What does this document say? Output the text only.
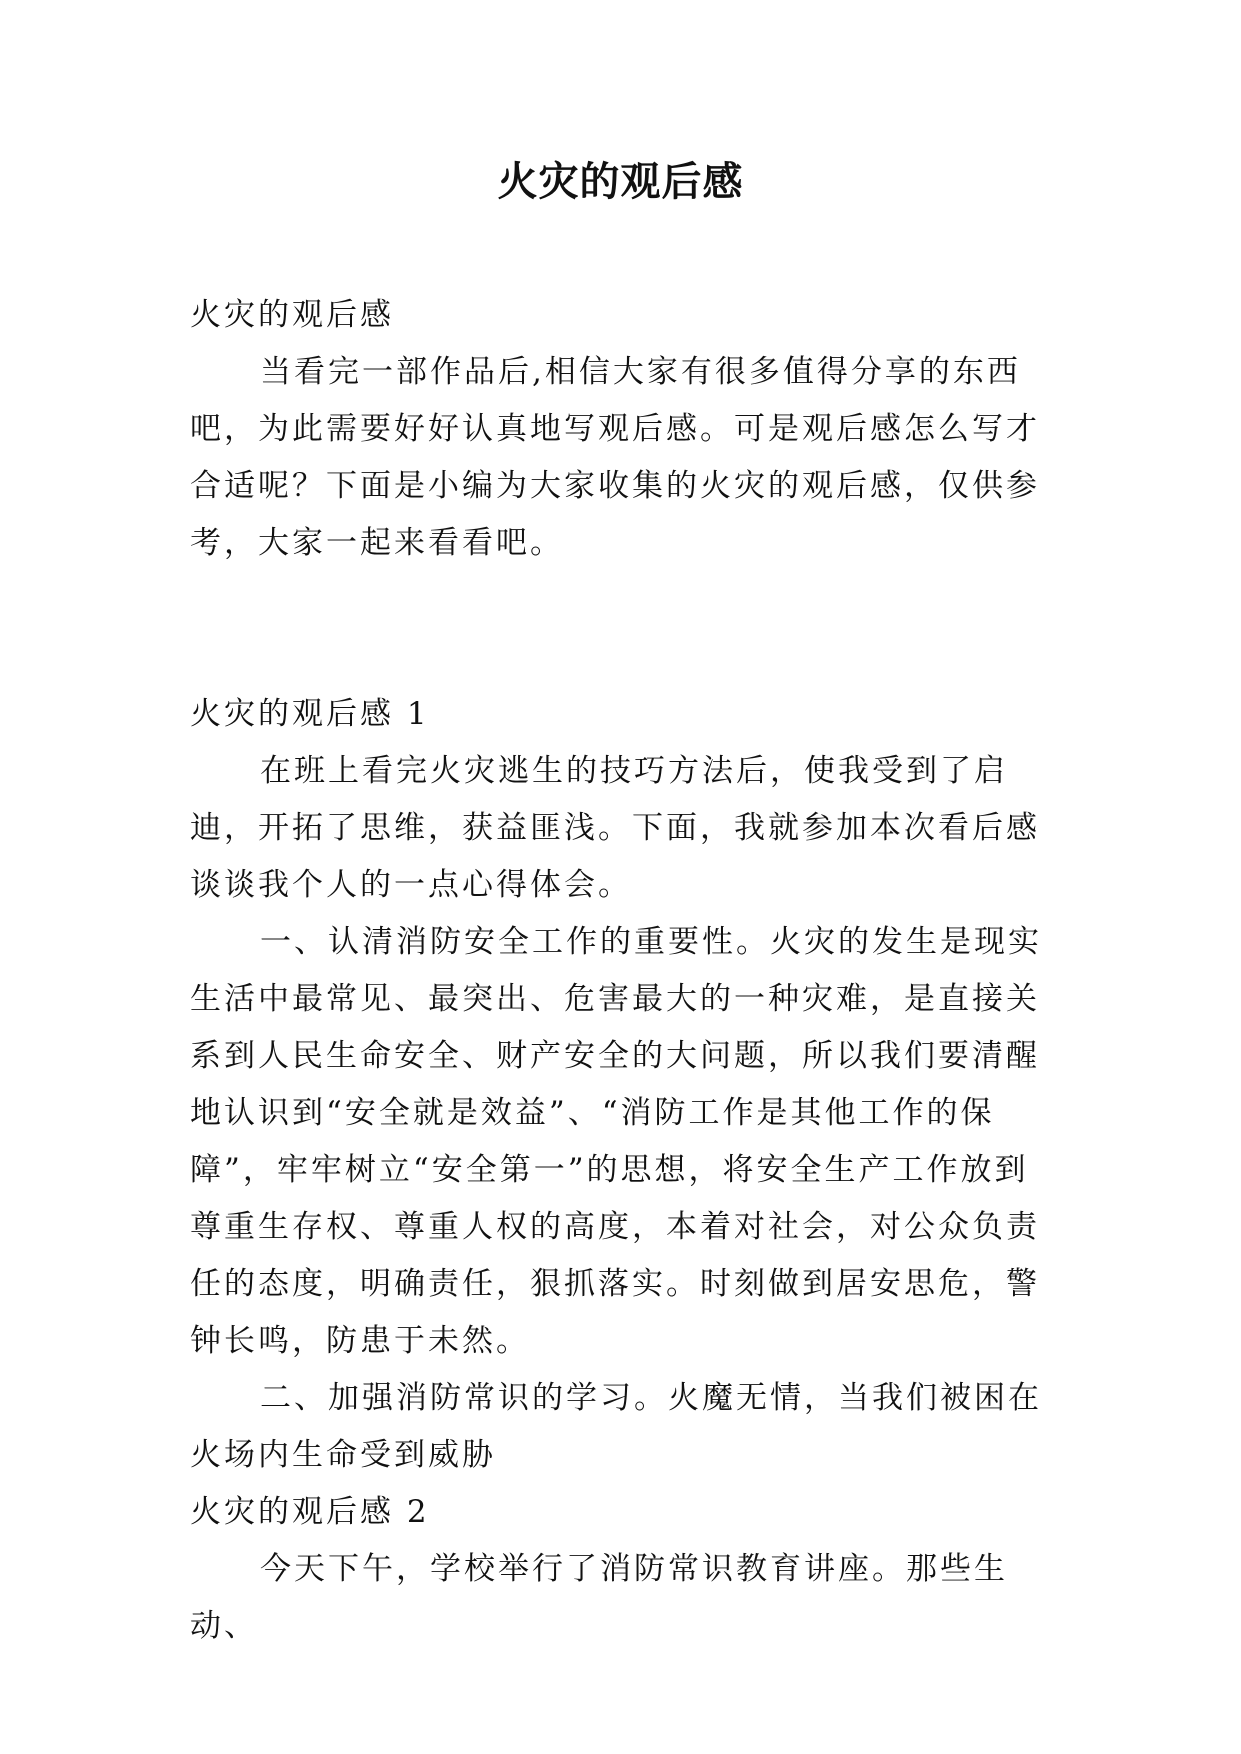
火灾的观后感

火灾的观后感

当看完一部作品后,相信大家有很多值得分享的东西吧，为此需要好好认真地写观后感。可是观后感怎么写才合适呢？下面是小编为大家收集的火灾的观后感，仅供参考，大家一起来看看吧。

火灾的观后感 1

在班上看完火灾逃生的技巧方法后，使我受到了启迪，开拓了思维，获益匪浅。下面，我就参加本次看后感谈谈我个人的一点心得体会。

一、认清消防安全工作的重要性。火灾的发生是现实生活中最常见、最突出、危害最大的一种灾难，是直接关系到人民生命安全、财产安全的大问题，所以我们要清醒地认识到“安全就是效益”、“消防工作是其他工作的保障”，牢牢树立“安全第一”的思想，将安全生产工作放到尊重生存权、尊重人权的高度，本着对社会，对公众负责任的态度，明确责任，狠抓落实。时刻做到居安思危，警钟长鸣，防患于未然。

二、加强消防常识的学习。火魔无情，当我们被困在火场内生命受到威胁

火灾的观后感 2

今天下午，学校举行了消防常识教育讲座。那些生动、
